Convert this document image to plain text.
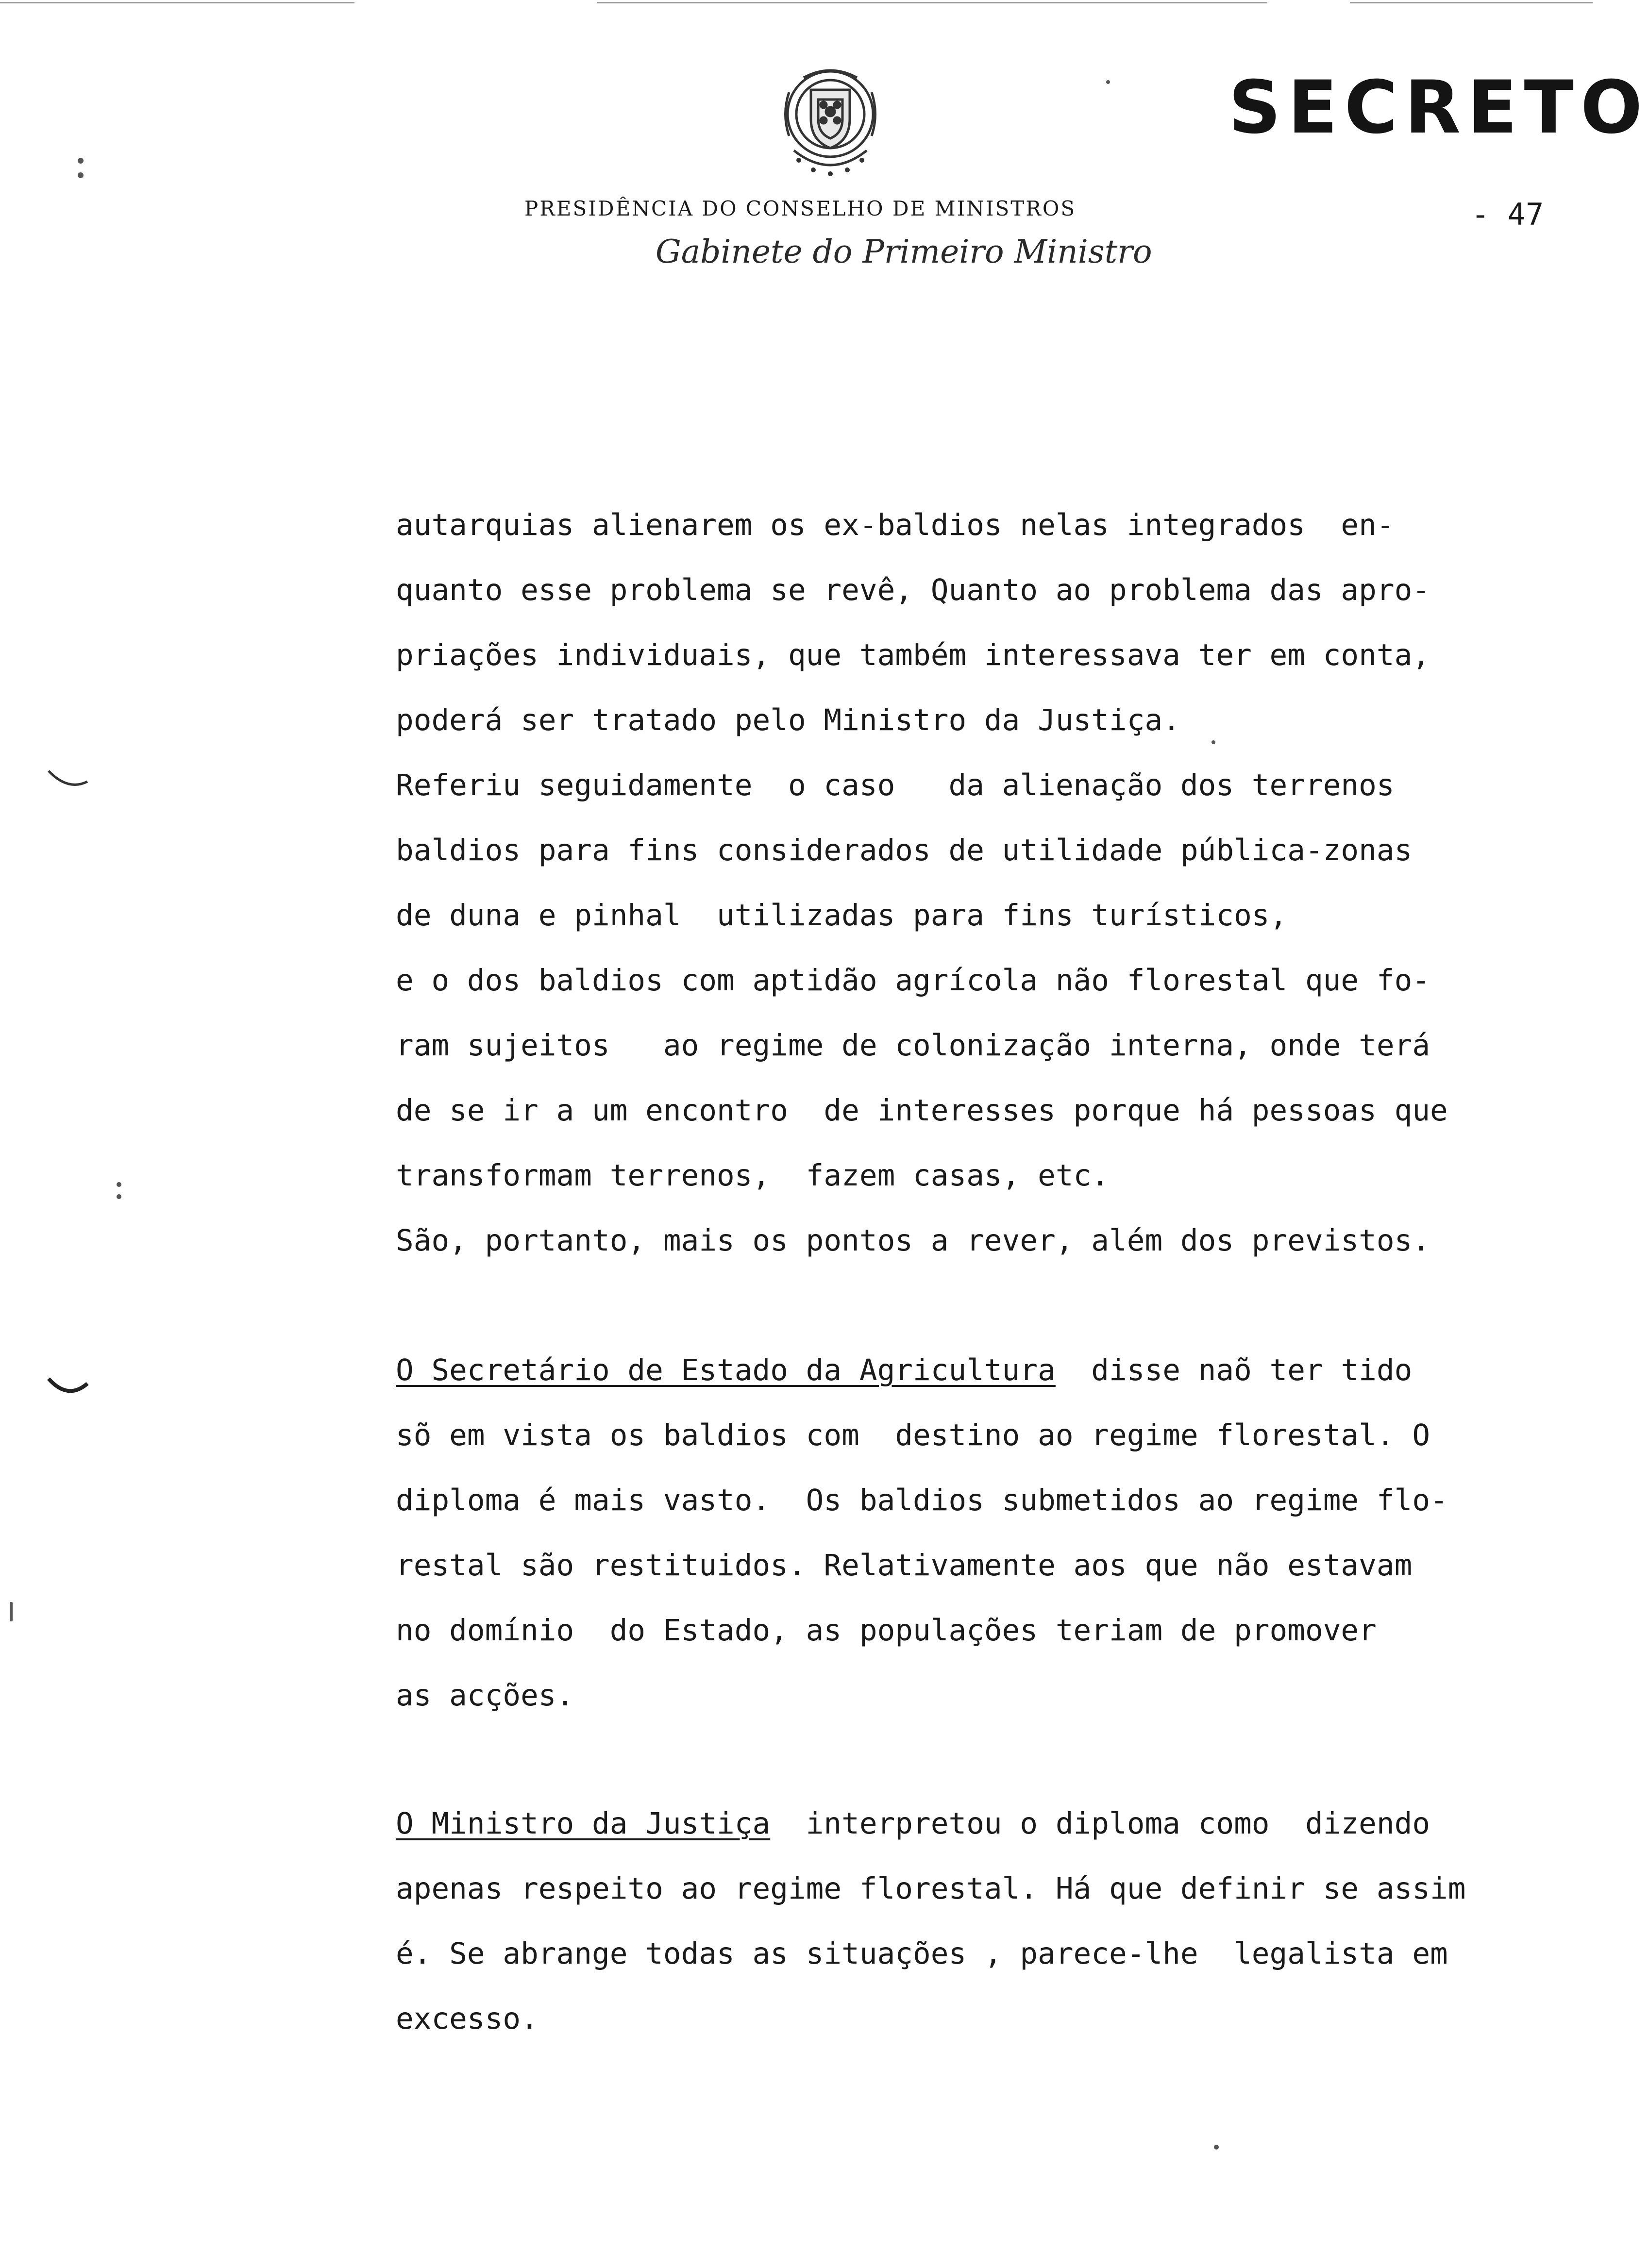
SECRETO
- 47
PRESIDÊNCIA DO CONSELHO DE MINISTROS
Gabinete do Primeiro Ministro
autarquias alienarem os ex-baldios nelas integrados  en-
quanto esse problema se revê, Quanto ao problema das apro-
priações individuais, que também interessava ter em conta,
poderá ser tratado pelo Ministro da Justiça.
Referiu seguidamente  o caso   da alienação dos terrenos
baldios para fins considerados de utilidade pública-zonas
de duna e pinhal  utilizadas para fins turísticos,
e o dos baldios com aptidão agrícola não florestal que fo-
ram sujeitos   ao regime de colonização interna, onde terá
de se ir a um encontro  de interesses porque há pessoas que
transformam terrenos,  fazem casas, etc.
São, portanto, mais os pontos a rever, além dos previstos.
O Secretário de Estado da Agricultura  disse naõ ter tido
sõ em vista os baldios com  destino ao regime florestal. O
diploma é mais vasto.  Os baldios submetidos ao regime flo-
restal são restituidos. Relativamente aos que não estavam
no domínio  do Estado, as populações teriam de promover
as acções.
O Ministro da Justiça  interpretou o diploma como  dizendo
apenas respeito ao regime florestal. Há que definir se assim
é. Se abrange todas as situações , parece-lhe  legalista em
excesso.
